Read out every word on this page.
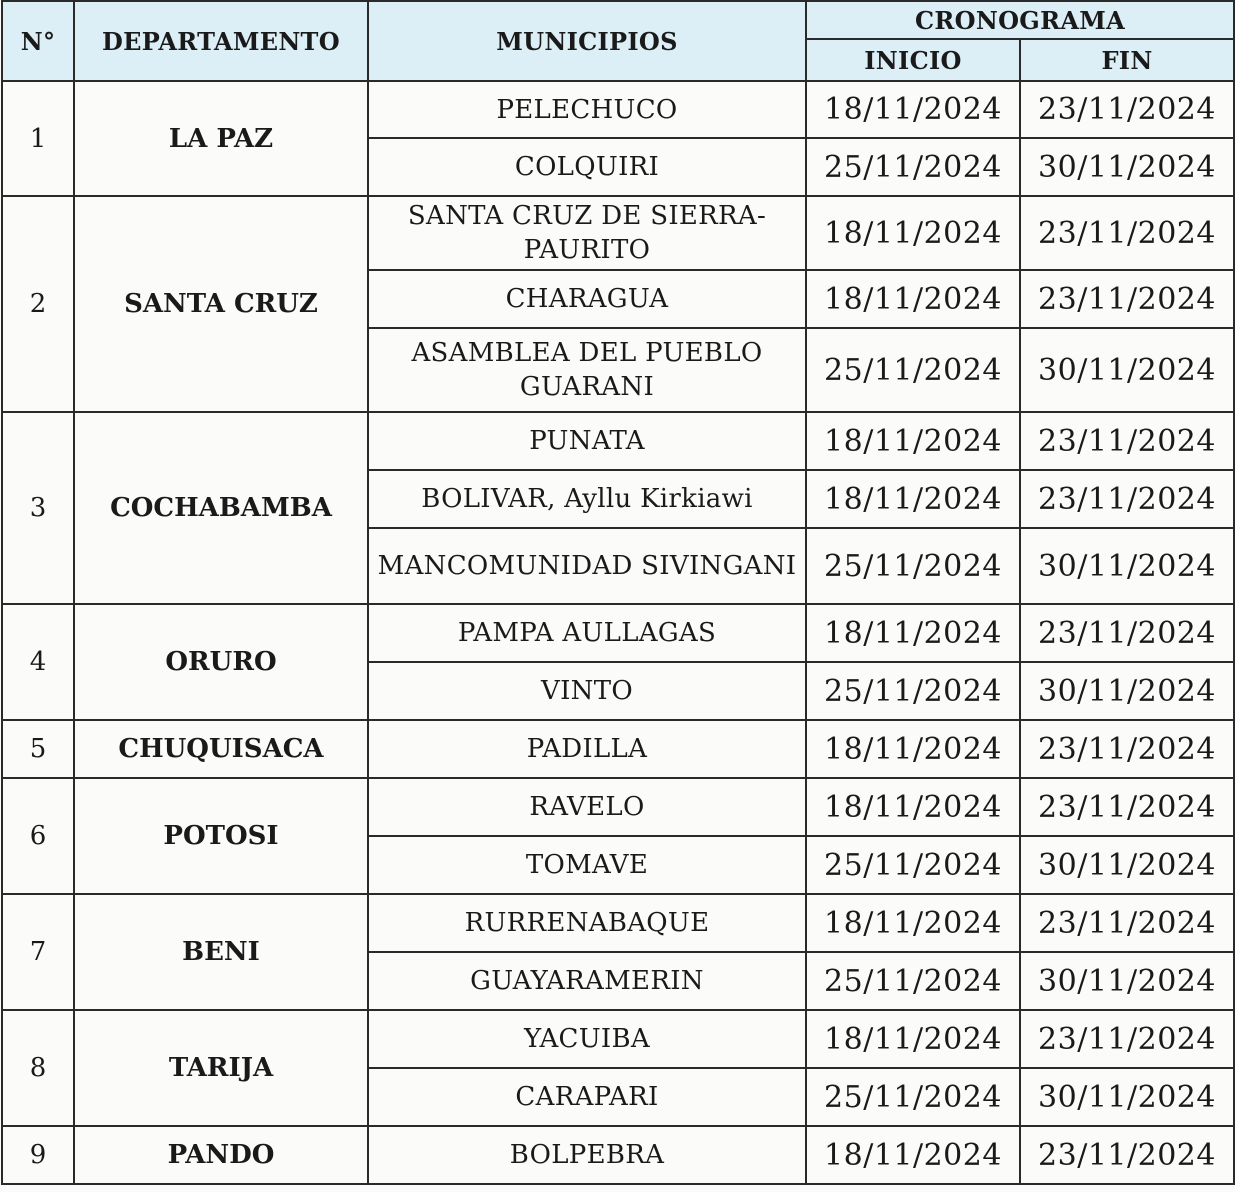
N°	DEPARTAMENTO	MUNICIPIOS	CRONOGRAMA	
			INICIO	FIN
1	LA PAZ	PELECHUCO	18/11/2024	23/11/2024
		COLQUIRI	25/11/2024	30/11/2024
2	SANTA CRUZ	SANTA CRUZ DE SIERRA- PAURITO	18/11/2024	23/11/2024
		CHARAGUA	18/11/2024	23/11/2024
		ASAMBLEA DEL PUEBLO GUARANI	25/11/2024	30/11/2024
3	COCHABAMBA	PUNATA	18/11/2024	23/11/2024
		BOLIVAR, Ayllu Kirkiawi	18/11/2024	23/11/2024
		MANCOMUNIDAD SIVINGANI	25/11/2024	30/11/2024
4	ORURO	PAMPA AULLAGAS	18/11/2024	23/11/2024
		VINTO	25/11/2024	30/11/2024
5	CHUQUISACA	PADILLA	18/11/2024	23/11/2024
6	POTOSI	RAVELO	18/11/2024	23/11/2024
		TOMAVE	25/11/2024	30/11/2024
7	BENI	RURRENABAQUE	18/11/2024	23/11/2024
		GUAYARAMERIN	25/11/2024	30/11/2024
8	TARIJA	YACUIBA	18/11/2024	23/11/2024
		CARAPARI	25/11/2024	30/11/2024
9	PANDO	BOLPEBRA	18/11/2024	23/11/2024
